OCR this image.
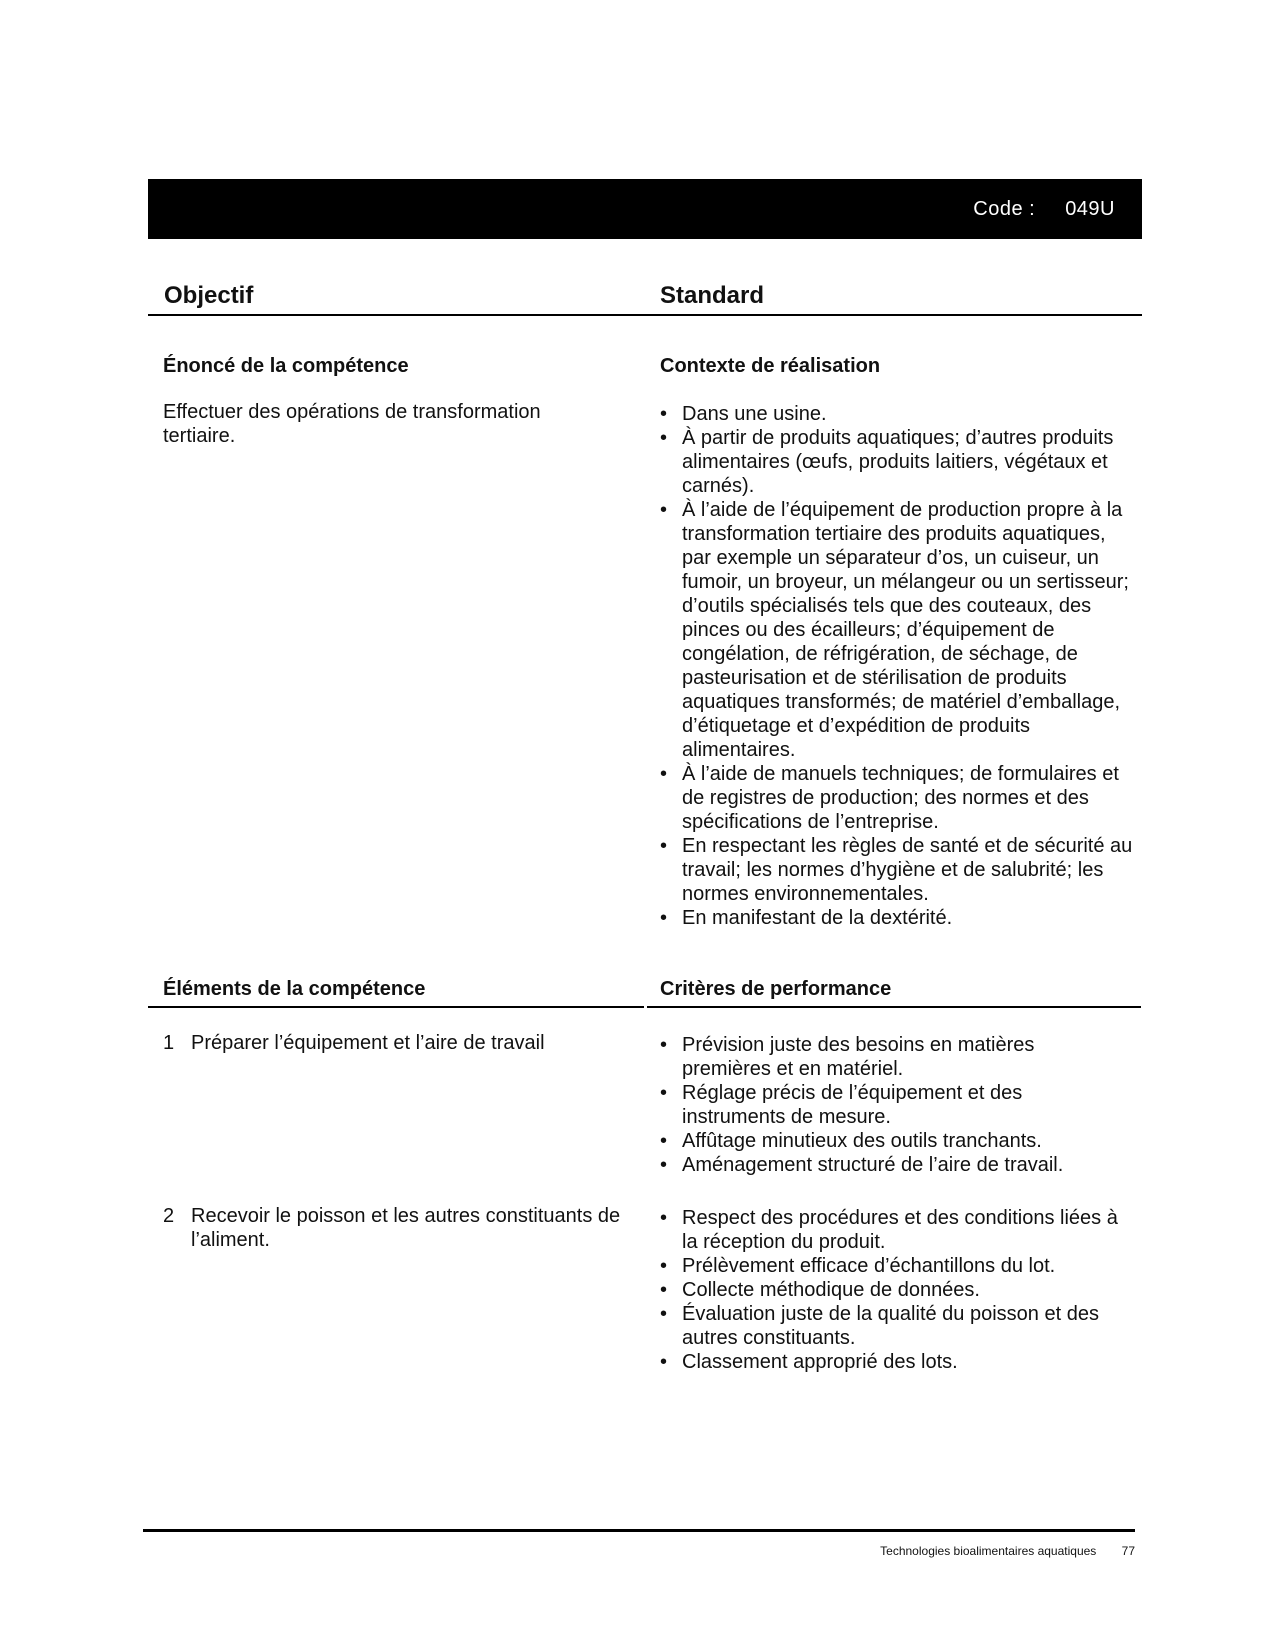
Code : 049U
Objectif	Standard
Énoncé de la compétence
Effectuer des opérations de transformation tertiaire.
Contexte de réalisation
• Dans une usine.
• À partir de produits aquatiques; d’autres produits alimentaires (œufs, produits laitiers, végétaux et carnés).
• À l’aide de l’équipement de production propre à la transformation tertiaire des produits aquatiques, par exemple un séparateur d’os, un cuiseur, un fumoir, un broyeur, un mélangeur ou un sertisseur; d’outils spécialisés tels que des couteaux, des pinces ou des écailleurs; d’équipement de congélation, de réfrigération, de séchage, de pasteurisation et de stérilisation de produits aquatiques transformés; de matériel d’emballage, d’étiquetage et d’expédition de produits alimentaires.
• À l’aide de manuels techniques; de formulaires et de registres de production; des normes et des spécifications de l’entreprise.
• En respectant les règles de santé et de sécurité au travail; les normes d’hygiène et de salubrité; les normes environnementales.
• En manifestant de la dextérité.
Éléments de la compétence	Critères de performance
1 Préparer l’équipement et l’aire de travail
•	Prévision juste des besoins en matières premières et en matériel.
• Réglage précis de l’équipement et des instruments de mesure.
• Affûtage minutieux des outils tranchants.
• Aménagement structuré de l’aire de travail.
2 Recevoir le poisson et les autres constituants de l’aliment.
• Respect des procédures et des conditions liées à la réception du produit.
• Prélèvement efficace d’échantillons du lot.
• Collecte méthodique de données.
• Évaluation juste de la qualité du poisson et des autres constituants.
• Classement approprié des lots.
Technologies bioalimentaires aquatiques 77
